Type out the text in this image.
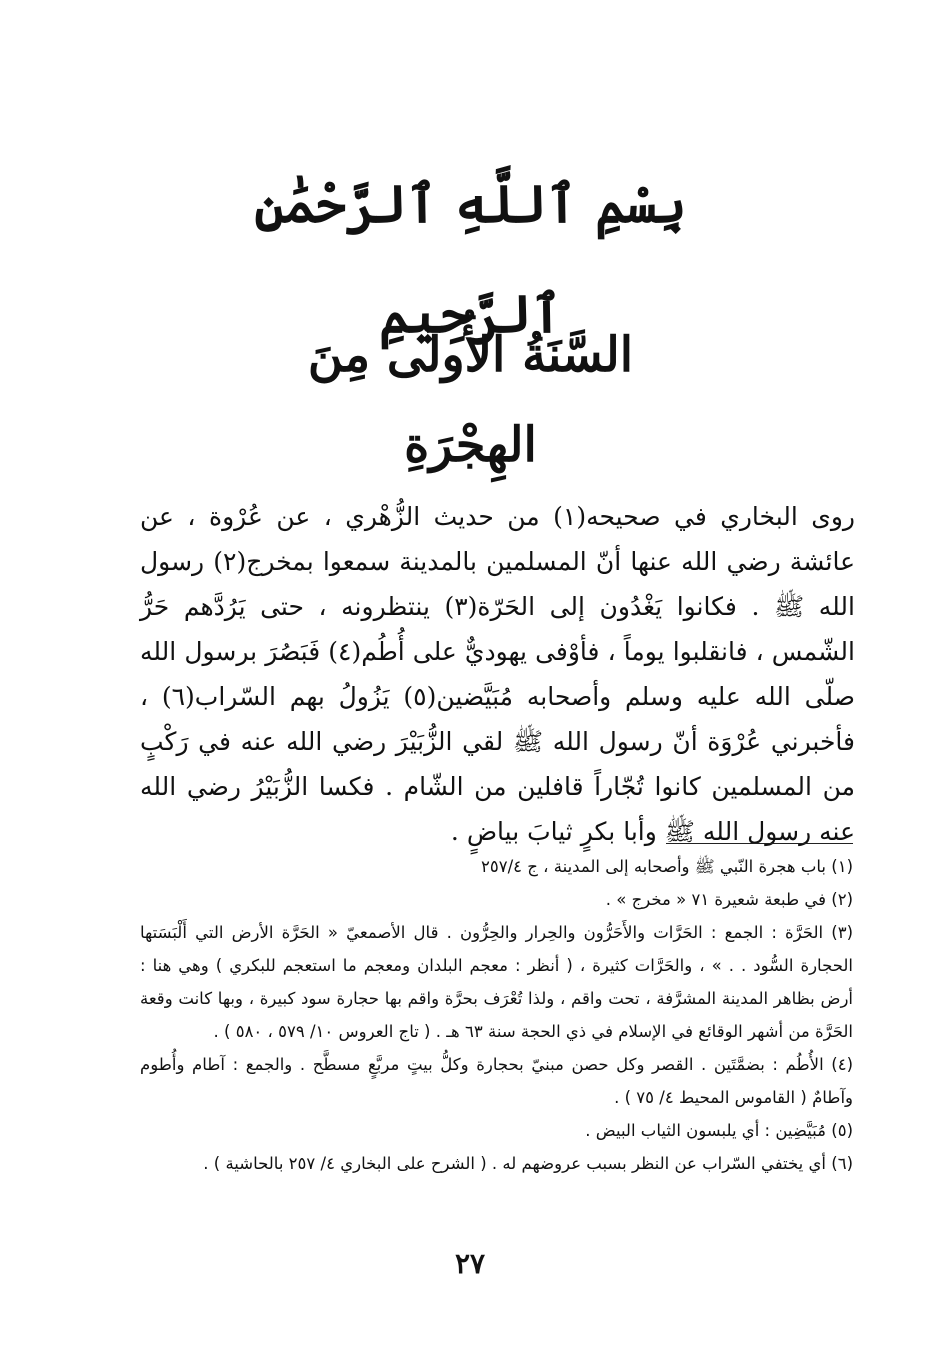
بِسْمِ ٱللَّهِ ٱلرَّحْمَٰنِ ٱلرَّحِيمِ
السَّنَةُ الأُولَى مِنَ الهِجْرَةِ

روى البخاري في صحيحه(١) من حديث الزُّهْري ، عن عُرْوة ، عن عائشة رضي الله عنها أنّ المسلمين بالمدينة سمعوا بمخرج(٢) رسول الله ﷺ . فكانوا يَغْدُون إلى الحَرّة(٣) ينتظرونه ، حتى يَرُدَّهم حَرُّ الشّمس ، فانقلبوا يوماً ، فأوْفى يهوديٌّ على أُطُم(٤) فَبَصُرَ برسول الله صلّى الله عليه وسلم وأصحابه مُبَيَّضين(٥) يَزُولُ بهم السّراب(٦) ، فأخبرني عُرْوَة أنّ رسول الله ﷺ لقي الزُّبَيْرَ رضي الله عنه في رَكْبٍ من المسلمين كانوا تُجّاراً قافلين من الشّام . فكسا الزُّبَيْرُ رضي الله عنه رسول الله ﷺ وأبا بكرٍ ثيابَ بياضٍ .

(١) باب هجرة النّبي ﷺ وأصحابه إلى المدينة ، ج ٢٥٧/٤
(٢) في طبعة شعيرة ٧١ « مخرج » .
(٣) الحَرَّة : الجمع : الحَرَّات والأَحَرُّون والحِرار والحِرُّون . قال الأصمعيّ « الحَرَّة الأرض التي أَلْبَسَتها الحجارة السُّود . . » ، والحَرَّات كثيرة ، ( أنظر : معجم البلدان ومعجم ما استعجم للبكري ) وهي هنا : أرض بظاهر المدينة المشرَّفة ، تحت واقم ، ولذا تُعْرَف بحرَّة واقم بها حجارة سود كبيرة ، وبها كانت وقعة الحَرَّة من أشهر الوقائع في الإسلام في ذي الحجة سنة ٦٣ هـ . ( تاج العروس ١٠/ ٥٧٩ ، ٥٨٠ ) .
(٤) الأُطُم : بضمَّتَين . القصر وكل حصن مبنيّ بحجارة وكلُّ بيتٍ مربَّعٍ مسطَّح . والجمع : آطام وأُطوم وآطامٌ ( القاموس المحيط ٤/ ٧٥ ) .
(٥) مُبَيَّضِين : أي يلبسون الثياب البيض .
(٦) أي يختفي السّراب عن النظر بسبب عروضهم له . ( الشرح على البخاري ٤/ ٢٥٧ بالحاشية ) .
٢٧
